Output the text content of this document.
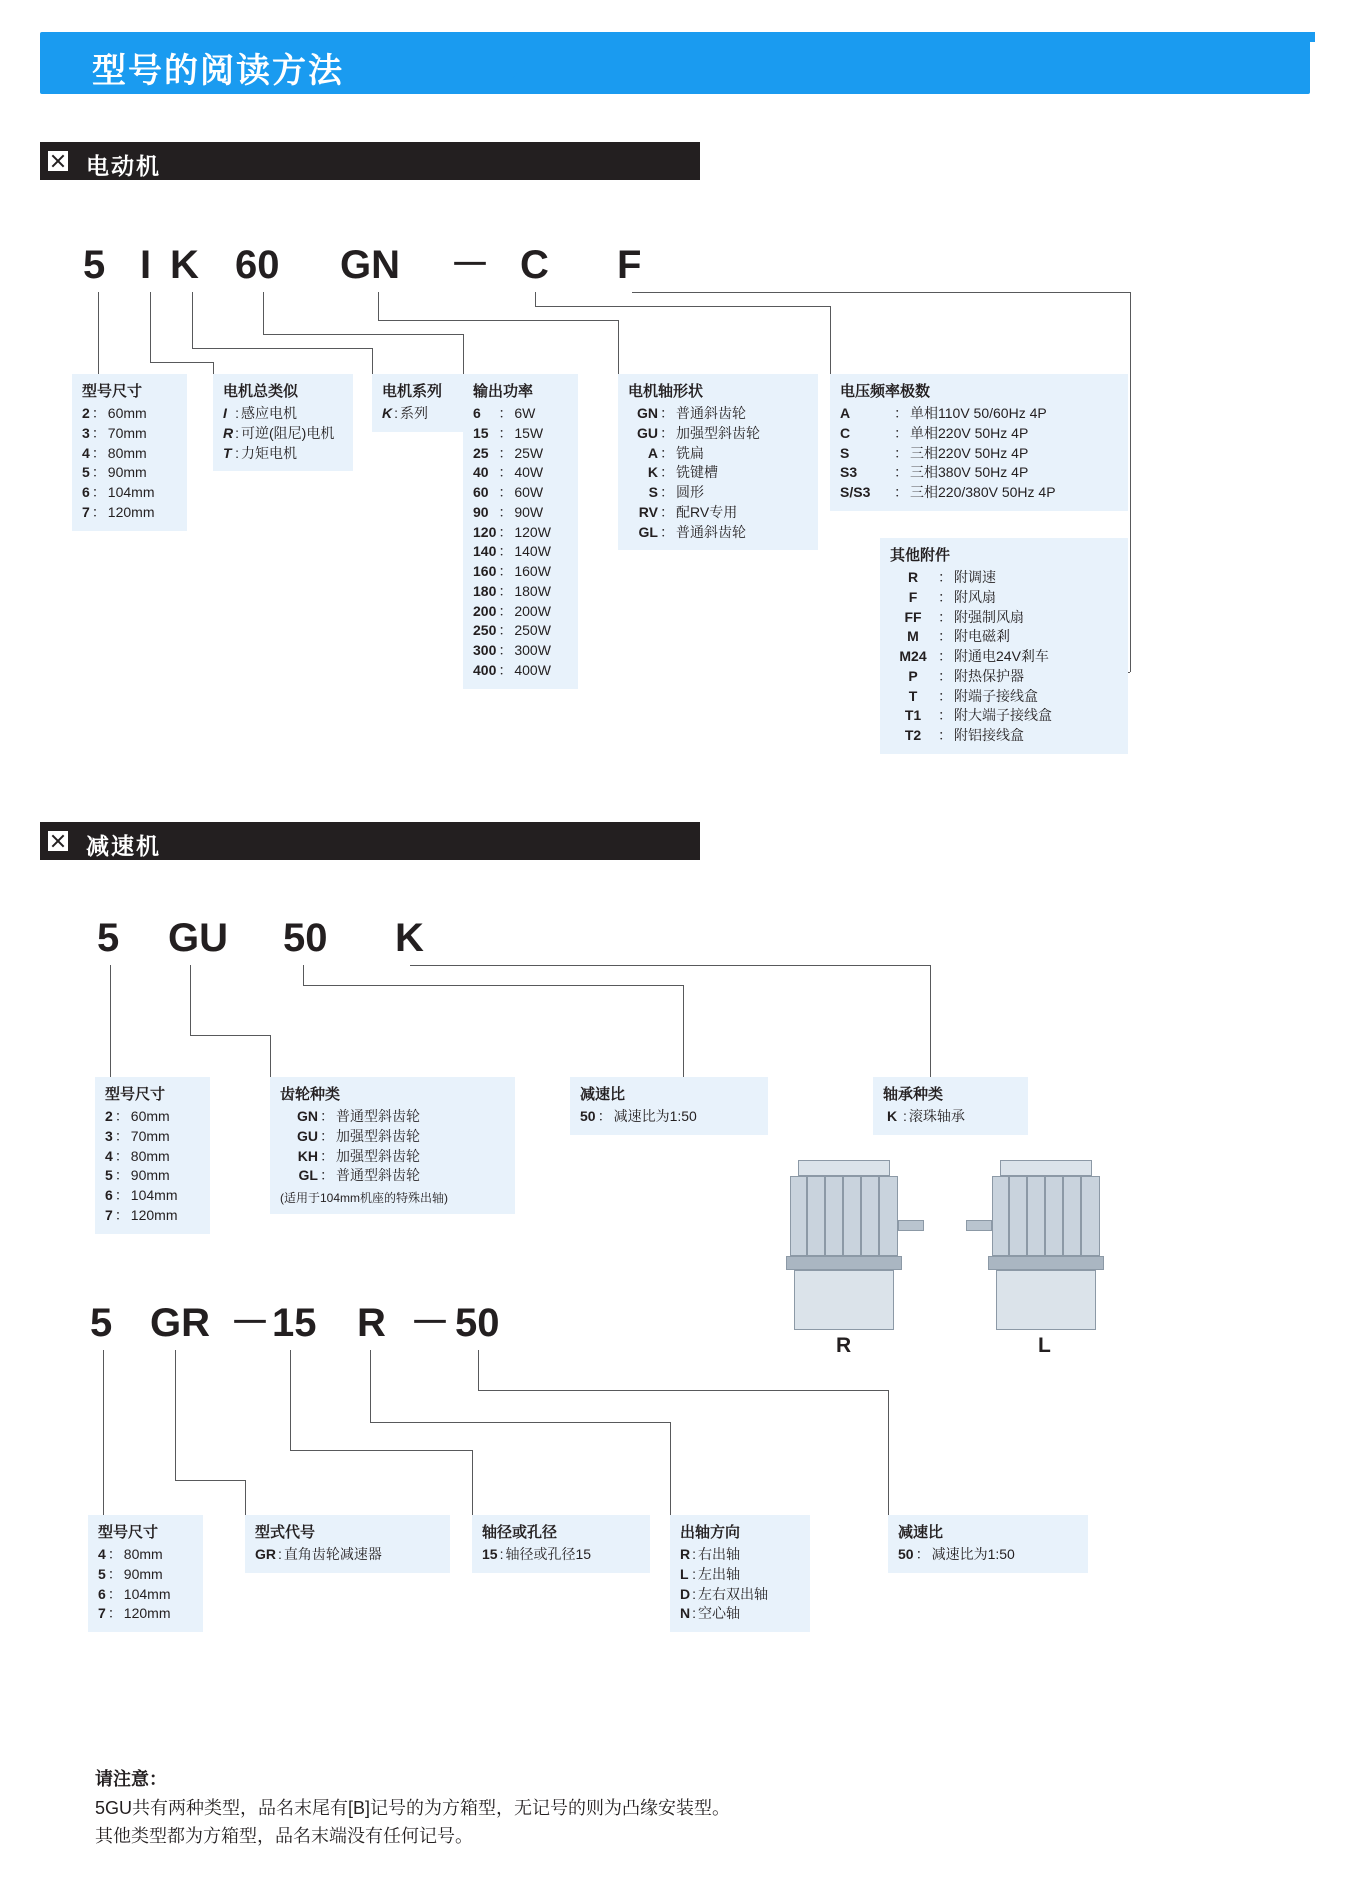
型号的阅读方法
电动机
5 I K 60 GN － C F
型号尺寸
2	：	60mm
3	：	70mm
4	：	80mm
5	：	90mm
6	：	104mm
7	：	120mm
电机总类似
I	:	感应电机
R	:	可逆(阻尼)电机
T	:	力矩电机
电机系列
K	:	系列
输出功率
6	：	6W
15	：	15W
25	：	25W
40	：	40W
60	：	60W
90	：	90W
120	：	120W
140	：	140W
160	：	160W
180	：	180W
200	：	200W
250	：	250W
300	：	300W
400	：	400W
电机轴形状
GN	：	普通斜齿轮
GU	：	加强型斜齿轮
A	：	铣扁
K	：	铣键槽
S	：	圆形
RV	：	配RV专用
GL	：	普通斜齿轮
电压频率极数
A	：	单相110V 50/60Hz 4P
C	：	单相220V 50Hz 4P
S	：	三相220V 50Hz 4P
S3	：	三相380V 50Hz 4P
S/S3	：	三相220/380V 50Hz 4P
其他附件
R	：	附调速
F	：	附风扇
FF	：	附强制风扇
M	：	附电磁剎
M24	：	附通电24V剎车
P	：	附热保护器
T	：	附端子接线盒
T1	：	附大端子接线盒
T2	：	附铝接线盒
减速机
5 GU 50 K
型号尺寸
2	：	60mm
3	：	70mm
4	：	80mm
5	：	90mm
6	：	104mm
7	：	120mm
齿轮种类
GN	：	普通型斜齿轮
GU	：	加强型斜齿轮
KH	：	加强型斜齿轮
GL	：	普通型斜齿轮
(适用于104mm机座的特殊出轴)
减速比
50	：	减速比为1:50
轴承种类
K	:	滚珠轴承
R	L
5 GR － 15 R － 50
型号尺寸
4	：	80mm
5	：	90mm
6	：	104mm
7	：	120mm
型式代号
GR	:	直角齿轮减速器
轴径或孔径
15	:	轴径或孔径15
出轴方向
R	:	右出轴
L	:	左出轴
D	:	左右双出轴
N	:	空心轴
减速比
50	：	减速比为1:50
请注意：
5GU共有两种类型，品名末尾有[B]记号的为方箱型，无记号的则为凸缘安装型。
其他类型都为方箱型，品名末端没有任何记号。
